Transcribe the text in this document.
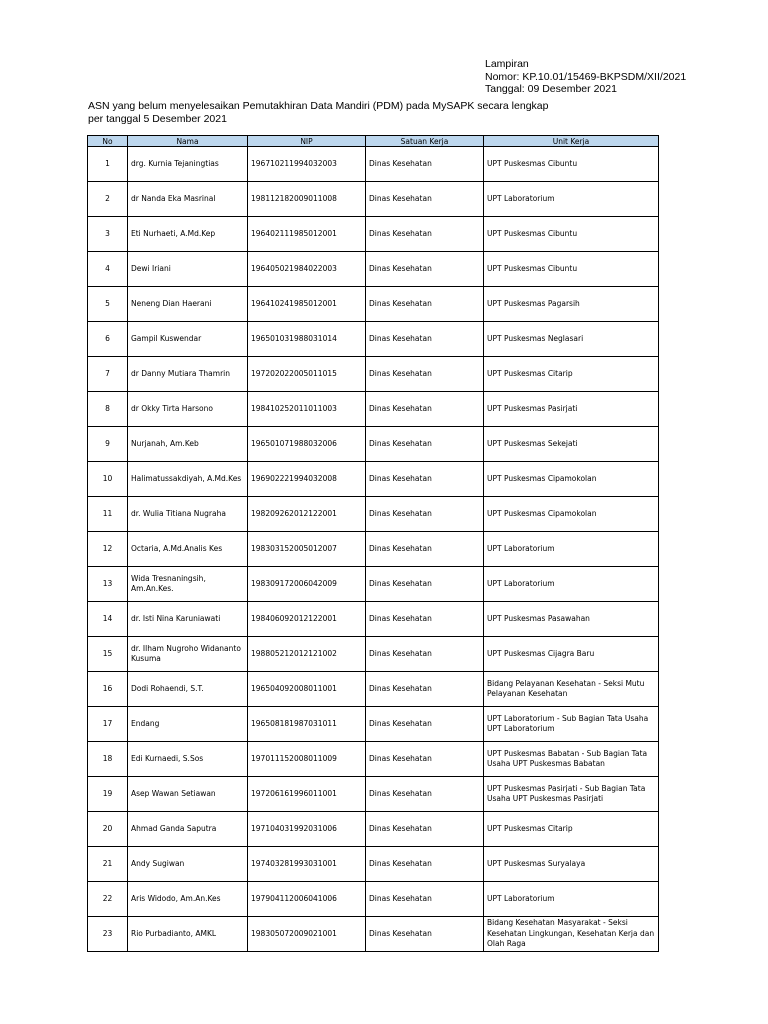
Lampiran
Nomor: KP.10.01/15469-BKPSDM/XII/2021
Tanggal: 09 Desember 2021
ASN yang belum menyelesaikan Pemutakhiran Data Mandiri (PDM) pada MySAPK secara lengkap
per tanggal 5 Desember 2021
No	Nama	NIP	Satuan Kerja	Unit Kerja
1	drg. Kurnia Tejaningtias	196710211994032003	Dinas Kesehatan	UPT Puskesmas Cibuntu
2	dr Nanda Eka Masrinal	198112182009011008	Dinas Kesehatan	UPT Laboratorium
3	Eti Nurhaeti, A.Md.Kep	196402111985012001	Dinas Kesehatan	UPT Puskesmas Cibuntu
4	Dewi Iriani	196405021984022003	Dinas Kesehatan	UPT Puskesmas Cibuntu
5	Neneng Dian Haerani	196410241985012001	Dinas Kesehatan	UPT Puskesmas Pagarsih
6	Gampil Kuswendar	196501031988031014	Dinas Kesehatan	UPT Puskesmas Neglasari
7	dr Danny Mutiara Thamrin	197202022005011015	Dinas Kesehatan	UPT Puskesmas Citarip
8	dr Okky Tirta Harsono	198410252011011003	Dinas Kesehatan	UPT Puskesmas Pasirjati
9	Nurjanah, Am.Keb	196501071988032006	Dinas Kesehatan	UPT Puskesmas Sekejati
10	Halimatussakdiyah, A.Md.Kes	196902221994032008	Dinas Kesehatan	UPT Puskesmas Cipamokolan
11	dr. Wulia Titiana Nugraha	198209262012122001	Dinas Kesehatan	UPT Puskesmas Cipamokolan
12	Octaria, A.Md.Analis Kes	198303152005012007	Dinas Kesehatan	UPT Laboratorium
13	Wida Tresnaningsih, Am.An.Kes.	198309172006042009	Dinas Kesehatan	UPT Laboratorium
14	dr. Isti Nina Karuniawati	198406092012122001	Dinas Kesehatan	UPT Puskesmas Pasawahan
15	dr. Ilham Nugroho Widananto Kusuma	198805212012121002	Dinas Kesehatan	UPT Puskesmas Cijagra Baru
16	Dodi Rohaendi, S.T.	196504092008011001	Dinas Kesehatan	Bidang Pelayanan Kesehatan - Seksi Mutu Pelayanan Kesehatan
17	Endang	196508181987031011	Dinas Kesehatan	UPT Laboratorium - Sub Bagian Tata Usaha UPT Laboratorium
18	Edi Kurnaedi, S.Sos	197011152008011009	Dinas Kesehatan	UPT Puskesmas Babatan - Sub Bagian Tata Usaha UPT Puskesmas Babatan
19	Asep Wawan Setiawan	197206161996011001	Dinas Kesehatan	UPT Puskesmas Pasirjati - Sub Bagian Tata Usaha UPT Puskesmas Pasirjati
20	Ahmad Ganda Saputra	197104031992031006	Dinas Kesehatan	UPT Puskesmas Citarip
21	Andy Sugiwan	197403281993031001	Dinas Kesehatan	UPT Puskesmas Suryalaya
22	Aris Widodo, Am.An.Kes	197904112006041006	Dinas Kesehatan	UPT Laboratorium
23	Rio Purbadianto, AMKL	198305072009021001	Dinas Kesehatan	Bidang Kesehatan Masyarakat - Seksi Kesehatan Lingkungan, Kesehatan Kerja dan Olah Raga
